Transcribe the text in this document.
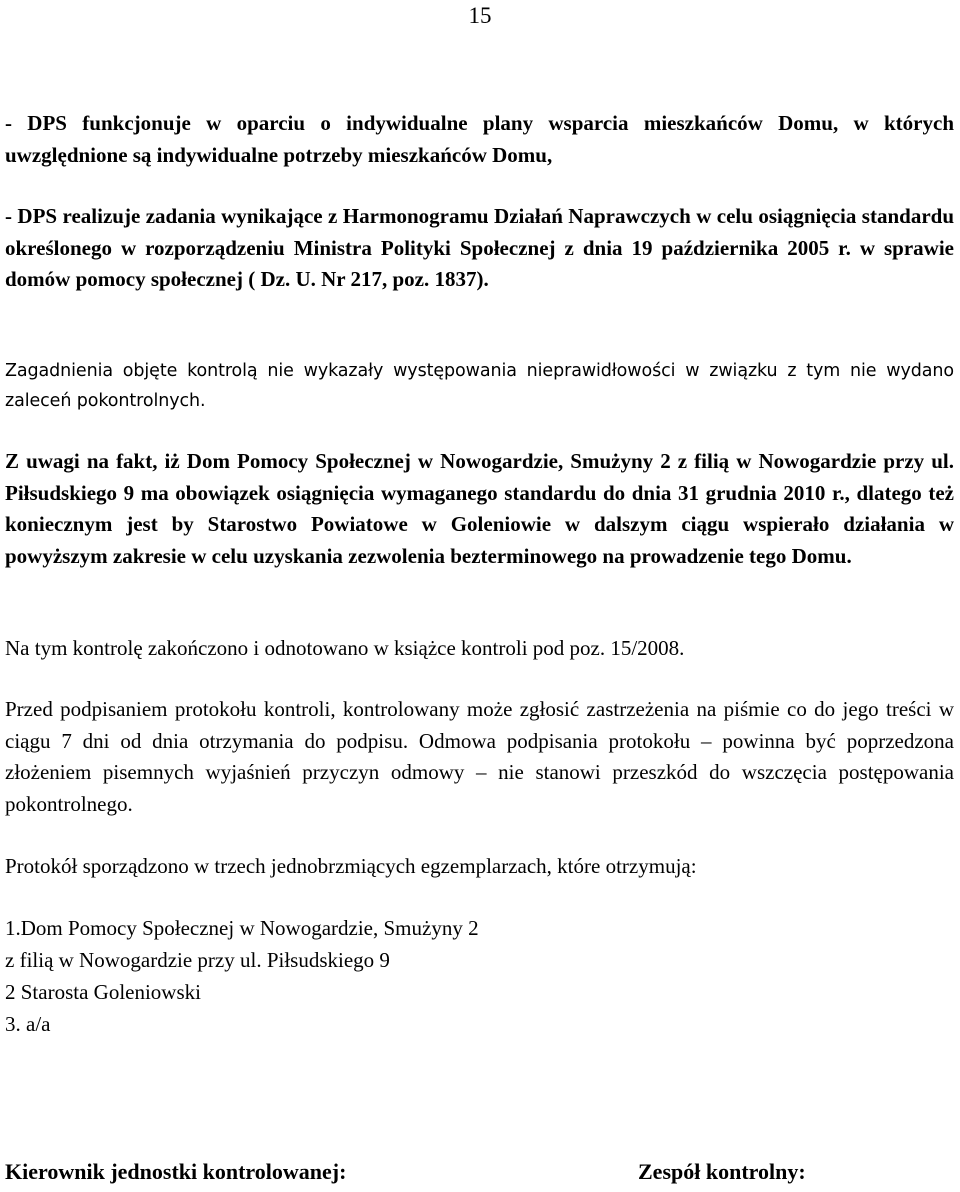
15

- DPS funkcjonuje w oparciu o indywidualne plany wsparcia mieszkańców Domu, w których uwzględnione są indywidualne potrzeby mieszkańców Domu,

- DPS realizuje zadania wynikające z Harmonogramu Działań Naprawczych w celu osiągnięcia standardu określonego w rozporządzeniu Ministra Polityki Społecznej z dnia 19 października 2005 r. w sprawie domów pomocy społecznej ( Dz. U. Nr 217, poz. 1837).

Zagadnienia objęte kontrolą nie wykazały występowania nieprawidłowości w związku z tym nie wydano zaleceń pokontrolnych.

Z uwagi na fakt, iż Dom Pomocy Społecznej w Nowogardzie, Smużyny 2 z filią w Nowogardzie przy ul. Piłsudskiego 9 ma obowiązek osiągnięcia wymaganego standardu do dnia 31 grudnia 2010 r., dlatego też koniecznym jest by Starostwo Powiatowe w Goleniowie w dalszym ciągu wspierało działania w powyższym zakresie w celu uzyskania zezwolenia bezterminowego na prowadzenie tego Domu.

Na tym kontrolę zakończono i odnotowano w książce kontroli pod poz. 15/2008.

Przed podpisaniem protokołu kontroli, kontrolowany może zgłosić zastrzeżenia na piśmie co do jego treści w ciągu 7 dni od dnia otrzymania do podpisu. Odmowa podpisania protokołu – powinna być poprzedzona złożeniem pisemnych wyjaśnień przyczyn odmowy – nie stanowi przeszkód do wszczęcia postępowania pokontrolnego.

Protokół sporządzono w trzech jednobrzmiących egzemplarzach, które otrzymują:

1.Dom Pomocy Społecznej w Nowogardzie, Smużyny 2
z filią w Nowogardzie przy ul. Piłsudskiego 9
2 Starosta Goleniowski
3. a/a
Kierownik jednostki kontrolowanej:	Zespół kontrolny:
